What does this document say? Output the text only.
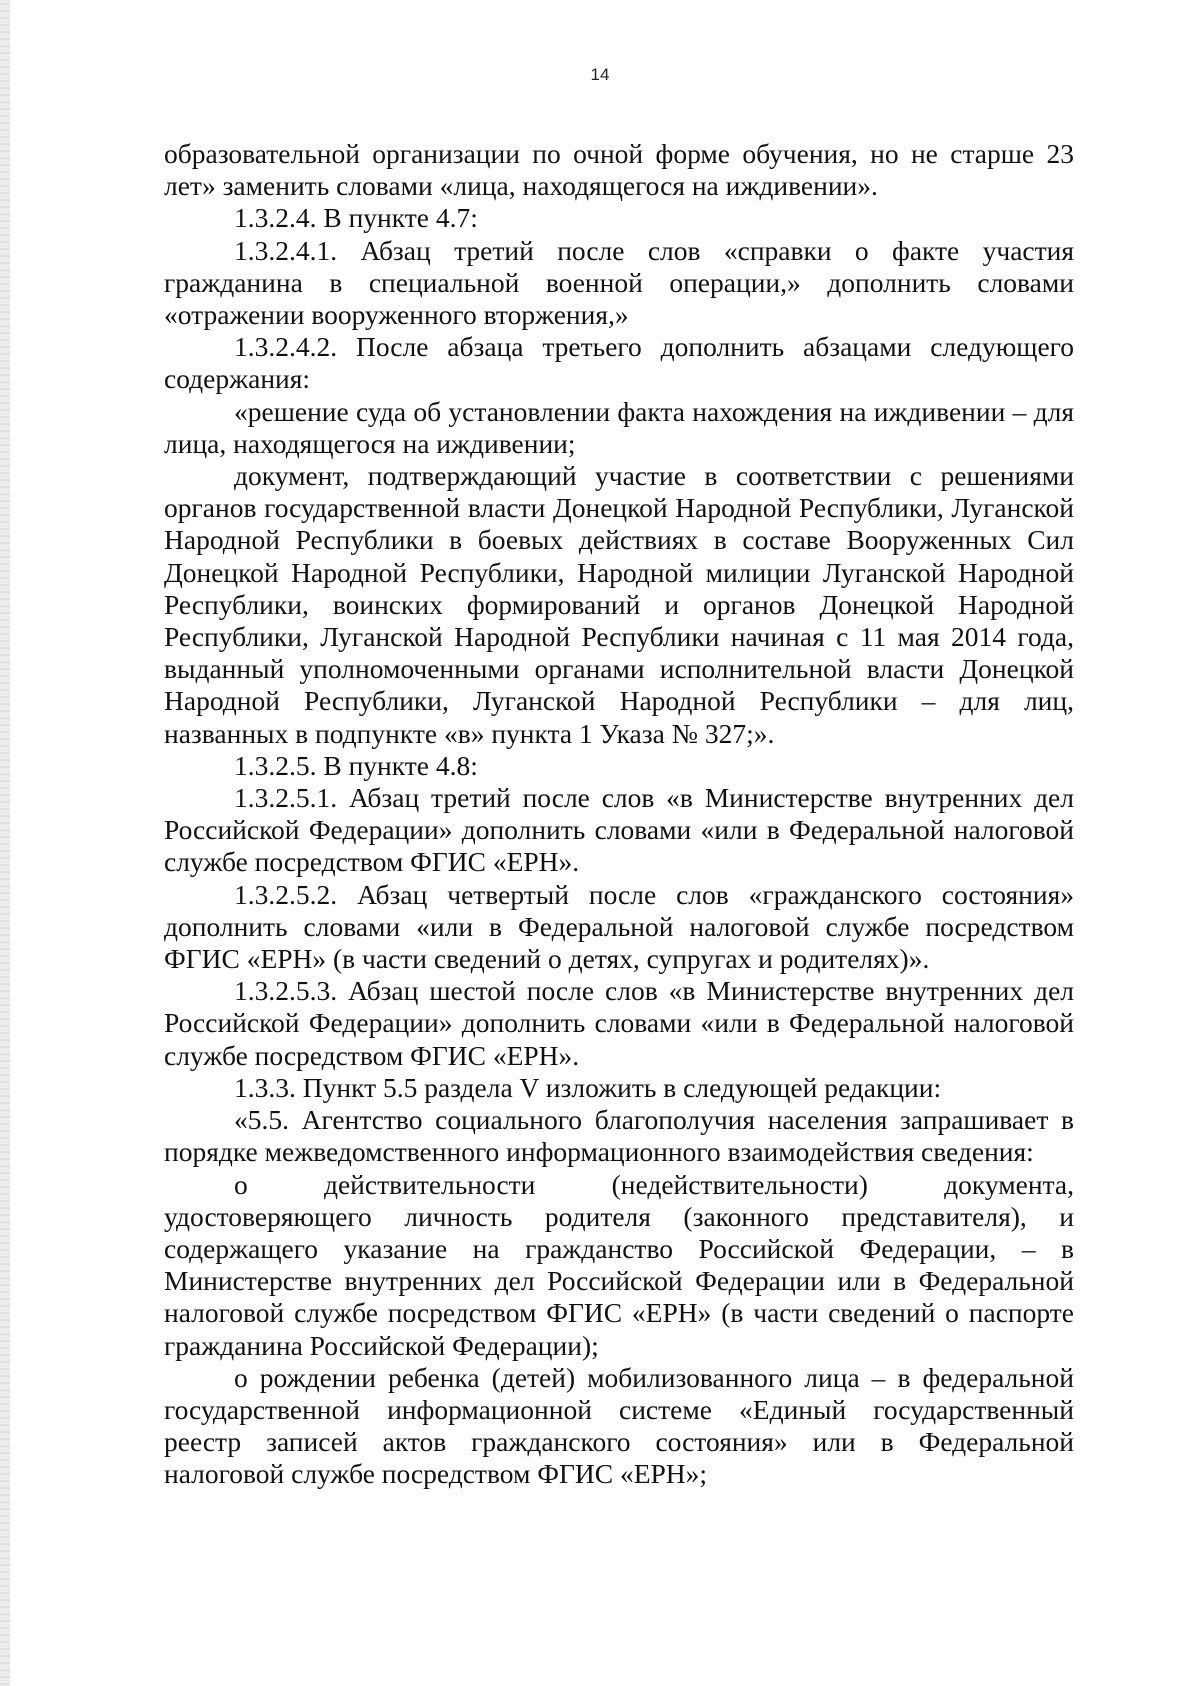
14

образовательной организации по очной форме обучения, но не старше 23 лет» заменить словами «лица, находящегося на иждивении».

1.3.2.4. В пункте 4.7:

1.3.2.4.1. Абзац третий после слов «справки о факте участия гражданина в специальной военной операции,» дополнить словами «отражении вооруженного вторжения,»

1.3.2.4.2. После абзаца третьего дополнить абзацами следующего содержания:

«решение суда об установлении факта нахождения на иждивении – для лица, находящегося на иждивении;

документ, подтверждающий участие в соответствии с решениями органов государственной власти Донецкой Народной Республики, Луганской Народной Республики в боевых действиях в составе Вооруженных Сил Донецкой Народной Республики, Народной милиции Луганской Народной Республики, воинских формирований и органов Донецкой Народной Республики, Луганской Народной Республики начиная с 11 мая 2014 года, выданный уполномоченными органами исполнительной власти Донецкой Народной Республики, Луганской Народной Республики – для лиц, названных в подпункте «в» пункта 1 Указа № 327;».

1.3.2.5. В пункте 4.8:

1.3.2.5.1. Абзац третий после слов «в Министерстве внутренних дел Российской Федерации» дополнить словами «или в Федеральной налоговой службе посредством ФГИС «ЕРН».

1.3.2.5.2. Абзац четвертый после слов «гражданского состояния» дополнить словами «или в Федеральной налоговой службе посредством ФГИС «ЕРН» (в части сведений о детях, супругах и родителях)».

1.3.2.5.3. Абзац шестой после слов «в Министерстве внутренних дел Российской Федерации» дополнить словами «или в Федеральной налоговой службе посредством ФГИС «ЕРН».

1.3.3. Пункт 5.5 раздела V изложить в следующей редакции:

«5.5. Агентство социального благополучия населения запрашивает в порядке межведомственного информационного взаимодействия сведения:

о действительности (недействительности) документа, удостоверяющего личность родителя (законного представителя), и содержащего указание на гражданство Российской Федерации, – в Министерстве внутренних дел Российской Федерации или в Федеральной налоговой службе посредством ФГИС «ЕРН» (в части сведений о паспорте гражданина Российской Федерации);

о рождении ребенка (детей) мобилизованного лица – в федеральной государственной информационной системе «Единый государственный реестр записей актов гражданского состояния» или в Федеральной налоговой службе посредством ФГИС «ЕРН»;
